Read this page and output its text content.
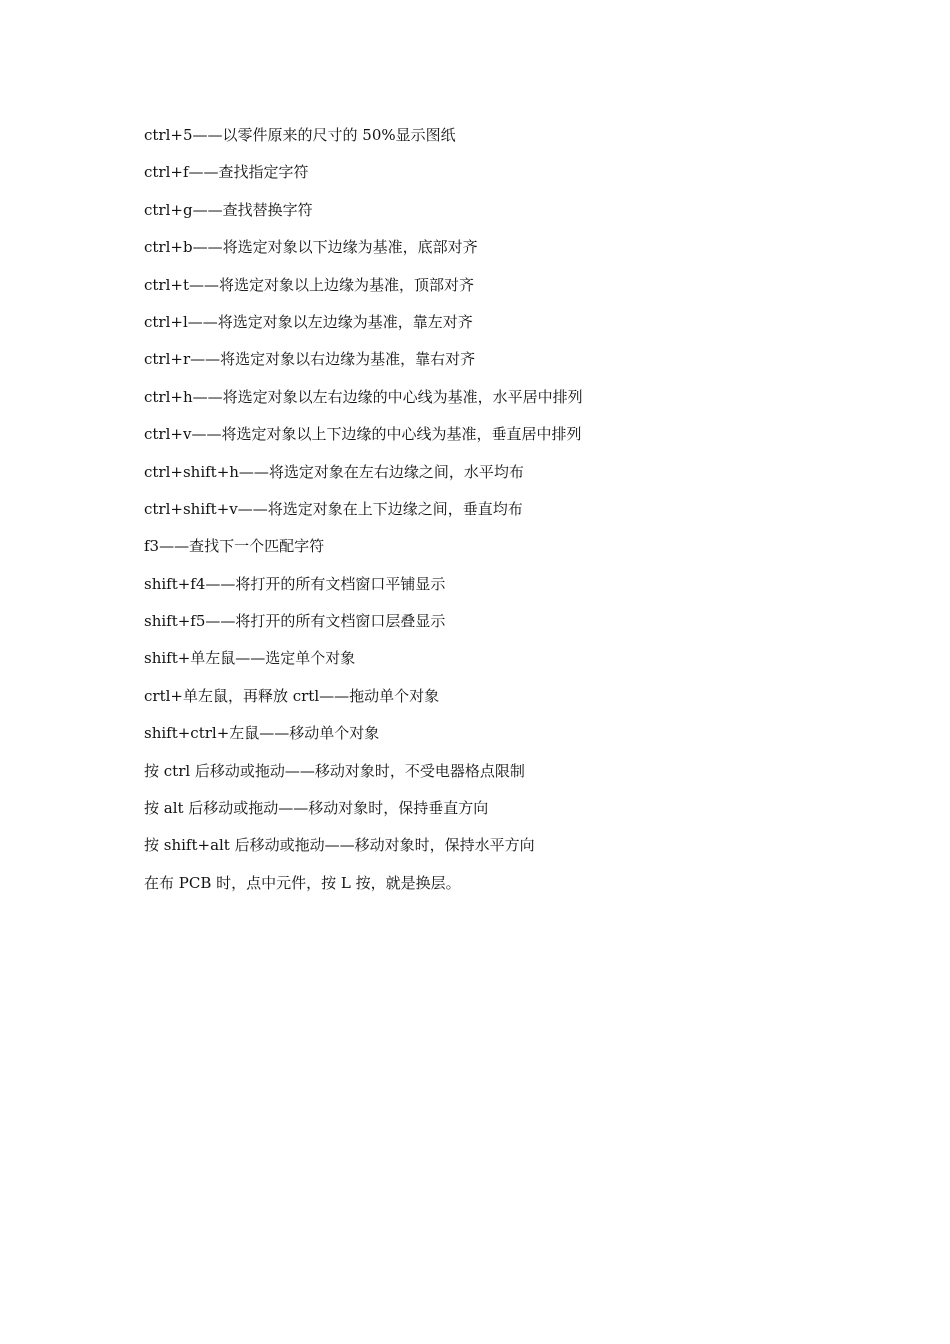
ctrl+5——以零件原来的尺寸的 50%显示图纸
ctrl+f——查找指定字符
ctrl+g——查找替换字符
ctrl+b——将选定对象以下边缘为基准，底部对齐
ctrl+t——将选定对象以上边缘为基准，顶部对齐
ctrl+l——将选定对象以左边缘为基准，靠左对齐
ctrl+r——将选定对象以右边缘为基准，靠右对齐
ctrl+h——将选定对象以左右边缘的中心线为基准，水平居中排列
ctrl+v——将选定对象以上下边缘的中心线为基准，垂直居中排列
ctrl+shift+h——将选定对象在左右边缘之间，水平均布
ctrl+shift+v——将选定对象在上下边缘之间，垂直均布
f3——查找下一个匹配字符
shift+f4——将打开的所有文档窗口平铺显示
shift+f5——将打开的所有文档窗口层叠显示
shift+单左鼠——选定单个对象
crtl+单左鼠，再释放 crtl——拖动单个对象
shift+ctrl+左鼠——移动单个对象
按 ctrl 后移动或拖动——移动对象时，不受电器格点限制
按 alt 后移动或拖动——移动对象时，保持垂直方向
按 shift+alt 后移动或拖动——移动对象时，保持水平方向
在布 PCB 时，点中元件，按 L 按，就是换层。
